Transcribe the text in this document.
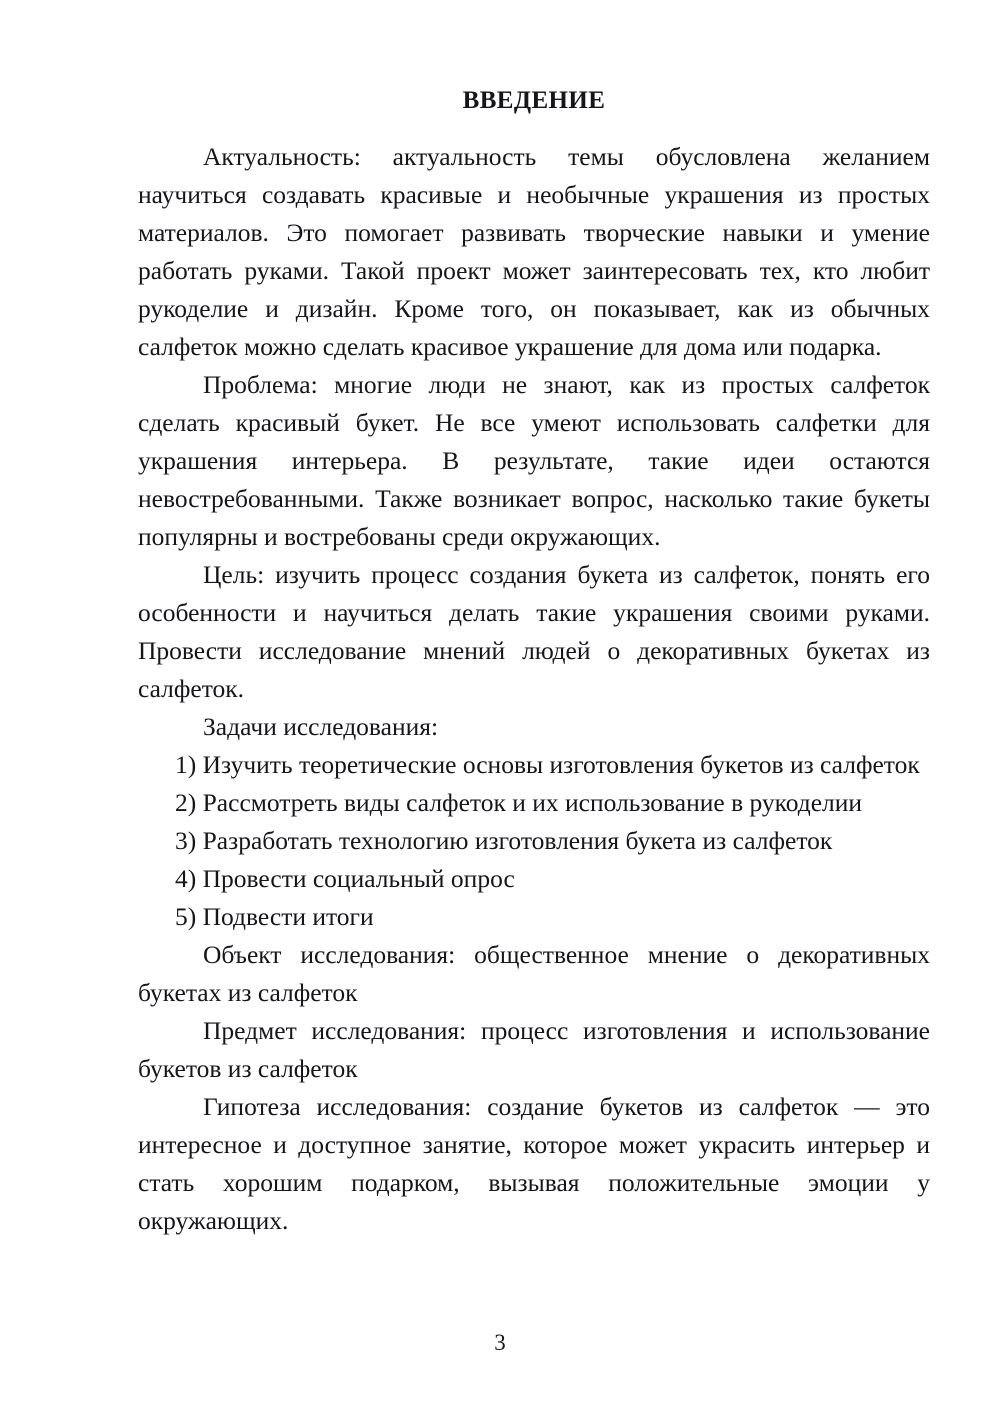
ВВЕДЕНИЕ

Актуальность: актуальность темы обусловлена желанием научиться создавать красивые и необычные украшения из простых материалов. Это помогает развивать творческие навыки и умение работать руками. Такой проект может заинтересовать тех, кто любит рукоделие и дизайн. Кроме того, он показывает, как из обычных салфеток можно сделать красивое украшение для дома или подарка.

Проблема: многие люди не знают, как из простых салфеток сделать красивый букет. Не все умеют использовать салфетки для украшения интерьера. В результате, такие идеи остаются невостребованными. Также возникает вопрос, насколько такие букеты популярны и востребованы среди окружающих.

Цель: изучить процесс создания букета из салфеток, понять его особенности и научиться делать такие украшения своими руками. Провести исследование мнений людей о декоративных букетах из салфеток.

Задачи исследования:

1) Изучить теоретические основы изготовления букетов из салфеток
2) Рассмотреть виды салфеток и их использование в рукоделии
3) Разработать технологию изготовления букета из салфеток
4) Провести социальный опрос
5) Подвести итоги

Объект исследования: общественное мнение о декоративных букетах из салфеток

Предмет исследования: процесс изготовления и использование букетов из салфеток

Гипотеза исследования: создание букетов из салфеток — это интересное и доступное занятие, которое может украсить интерьер и стать хорошим подарком, вызывая положительные эмоции у окружающих.

3
